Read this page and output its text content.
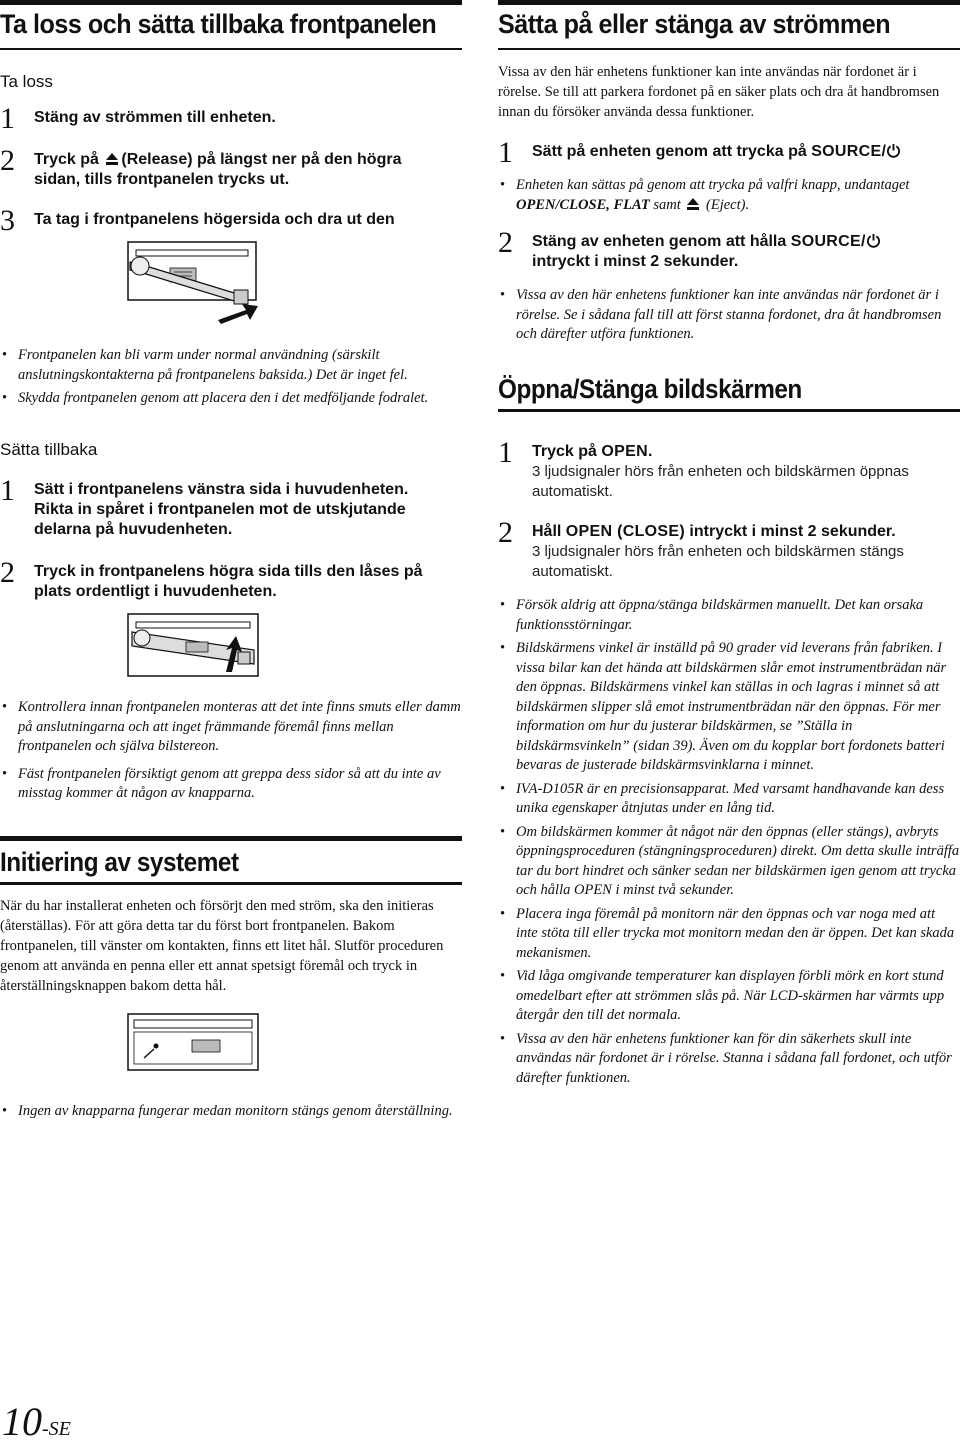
Ta loss och sätta tillbaka frontpanelen
Ta loss
1 Stäng av strömmen till enheten.
2 Tryck på (Release) på längst ner på den högra sidan, tills frontpanelen trycks ut.
3 Ta tag i frontpanelens högersida och dra ut den
• Frontpanelen kan bli varm under normal användning (särskilt anslutningskontakterna på frontpanelens baksida.) Det är inget fel.
• Skydda frontpanelen genom att placera den i det medföljande fodralet.
Sätta tillbaka
1 Sätt i frontpanelens vänstra sida i huvudenheten. Rikta in spåret i frontpanelen mot de utskjutande delarna på huvudenheten.
2 Tryck in frontpanelens högra sida tills den låses på plats ordentligt i huvudenheten.
• Kontrollera innan frontpanelen monteras att det inte finns smuts eller damm på anslutningarna och att inget främmande föremål finns mellan frontpanelen och själva bilstereon.
• Fäst frontpanelen försiktigt genom att greppa dess sidor så att du inte av misstag kommer åt någon av knapparna.
Initiering av systemet
När du har installerat enheten och försörjt den med ström, ska den initieras (återställas). För att göra detta tar du först bort frontpanelen. Bakom frontpanelen, till vänster om kontakten, finns ett litet hål. Slutför proceduren genom att använda en penna eller ett annat spetsigt föremål och tryck in återställningsknappen bakom detta hål.
• Ingen av knapparna fungerar medan monitorn stängs genom återställning.
Sätta på eller stänga av strömmen
Vissa av den här enhetens funktioner kan inte användas när fordonet är i rörelse. Se till att parkera fordonet på en säker plats och dra åt handbromsen innan du försöker använda dessa funktioner.
1 Sätt på enheten genom att trycka på SOURCE/
• Enheten kan sättas på genom att trycka på valfri knapp, undantaget OPEN/CLOSE, FLAT samt (Eject).
2 Stäng av enheten genom att hålla SOURCE/
intryckt i minst 2 sekunder.
• Vissa av den här enhetens funktioner kan inte användas när fordonet är i rörelse. Se i sådana fall till att först stanna fordonet, dra åt handbromsen och därefter utföra funktionen.
Öppna/Stänga bildskärmen
1 Tryck på OPEN.
3 ljudsignaler hörs från enheten och bildskärmen öppnas automatiskt.
2 Håll OPEN (CLOSE) intryckt i minst 2 sekunder.
3 ljudsignaler hörs från enheten och bildskärmen stängs automatiskt.
• Försök aldrig att öppna/stänga bildskärmen manuellt. Det kan orsaka funktionsstörningar.
• Bildskärmens vinkel är inställd på 90 grader vid leverans från fabriken. I vissa bilar kan det hända att bildskärmen slår emot instrumentbrädan när den öppnas. Bildskärmens vinkel kan ställas in och lagras i minnet så att bildskärmen slipper slå emot instrumentbrädan när den öppnas. För mer information om hur du justerar bildskärmen, se ”Ställa in bildskärmsvinkeln” (sidan 39). Även om du kopplar bort fordonets batteri bevaras de justerade bildskärmsvinklarna i minnet.
• IVA-D105R är en precisionsapparat. Med varsamt handhavande kan dess unika egenskaper åtnjutas under en lång tid.
• Om bildskärmen kommer åt något när den öppnas (eller stängs), avbryts öppningsproceduren (stängningsproceduren) direkt. Om detta skulle inträffa tar du bort hindret och sänker sedan ner bildskärmen igen genom att trycka och hålla OPEN i minst två sekunder.
• Placera inga föremål på monitorn när den öppnas och var noga med att inte stöta till eller trycka mot monitorn medan den är öppen. Det kan skada mekanismen.
• Vid låga omgivande temperaturer kan displayen förbli mörk en kort stund omedelbart efter att strömmen slås på. När LCD-skärmen har värmts upp återgår den till det normala.
• Vissa av den här enhetens funktioner kan för din säkerhets skull inte användas när fordonet är i rörelse. Stanna i sådana fall fordonet, och utför därefter funktionen.
10-SE
